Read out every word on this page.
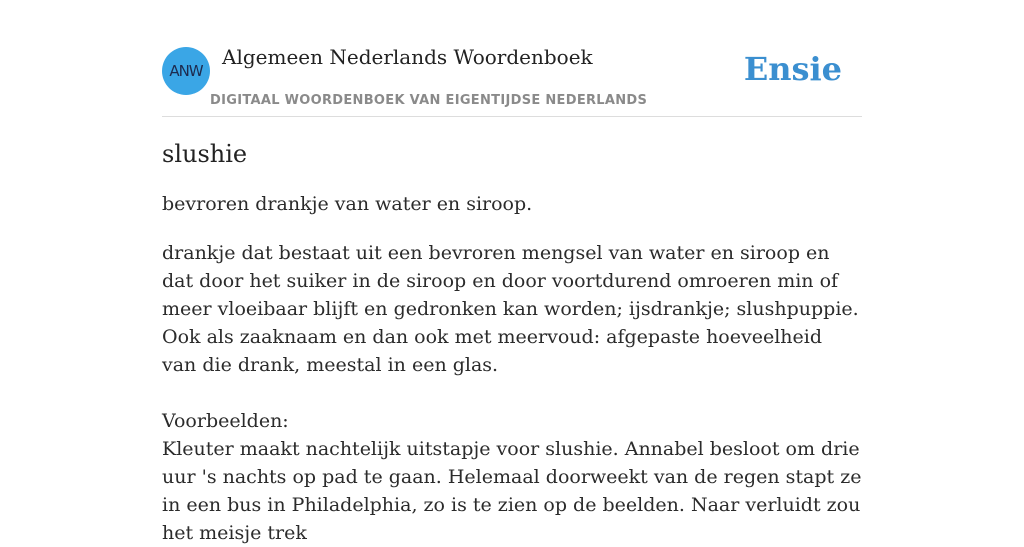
ANW
Algemeen Nederlands Woordenboek
DIGITAAL WOORDENBOEK VAN EIGENTIJDSE NEDERLANDS
Ensie
slushie
bevroren drankje van water en siroop.

drankje dat bestaat uit een bevroren mengsel van water en siroop en dat door het suiker in de siroop en door voortdurend omroeren min of meer vloeibaar blijft en gedronken kan worden; ijsdrankje; slushpuppie.

Ook als zaaknaam en dan ook met meervoud: afgepaste hoeveelheid van die drank, meestal in een glas.

Voorbeelden:

Kleuter maakt nachtelijk uitstapje voor slushie. Annabel besloot om drie uur 's nachts op pad te gaan. Helemaal doorweekt van de regen stapt ze in een bus in Philadelphia, zo is te zien op de beelden. Naar verluidt zou het meisje trek
